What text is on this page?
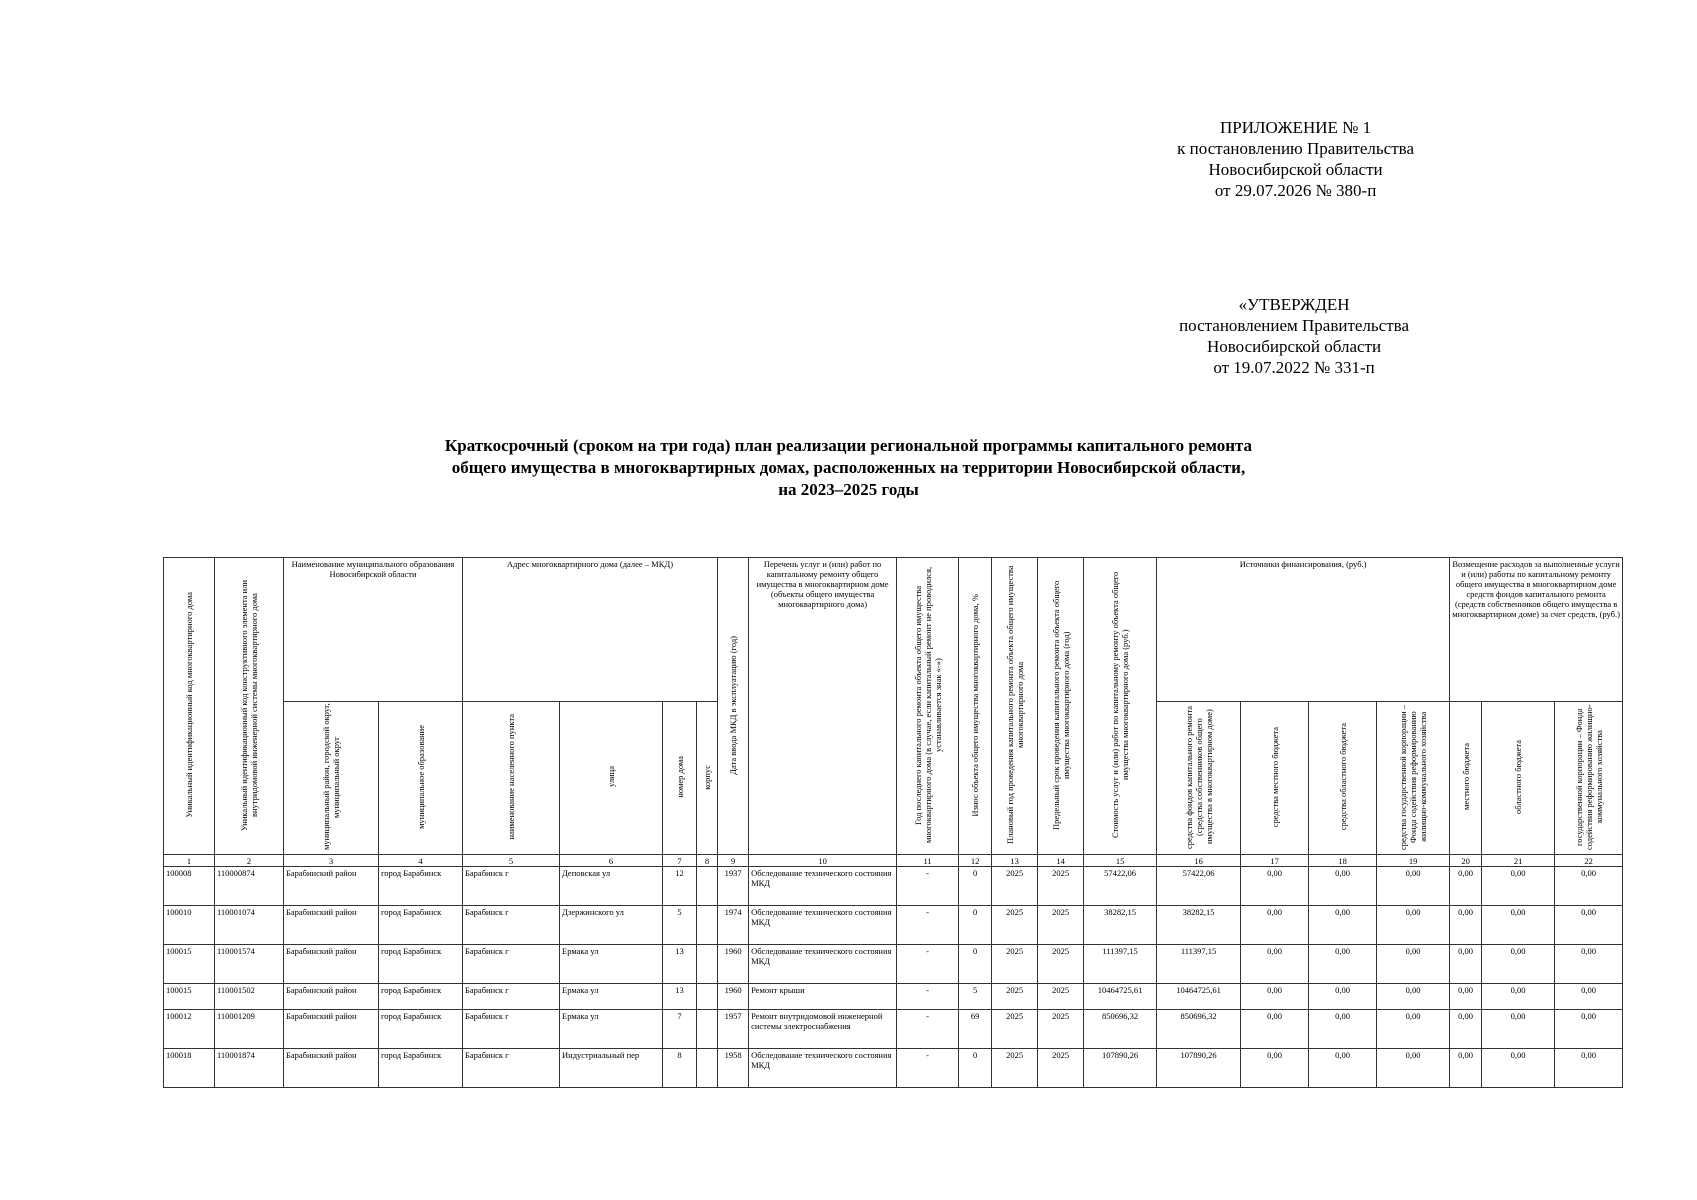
ПРИЛОЖЕНИЕ № 1
к постановлению Правительства
Новосибирской области
от 29.07.2026 № 380-п
«УТВЕРЖДЕН
постановлением Правительства
Новосибирской области
от 19.07.2022 № 331-п
Краткосрочный (сроком на три года) план реализации региональной программы капитального ремонта
общего имущества в многоквартирных домах, расположенных на территории Новосибирской области,
на 2023–2025 годы
Уникальный идентификационный код многоквартирного дома	Уникальный идентификационный код конструктивного элемента или внутридомовой инженерной системы многоквартирного дома	Наименование муниципального образования Новосибирской области		Адрес многоквартирного дома (далее – МКД)				Дата ввода МКД в эксплуатацию (год)	Перечень услуг и (или) работ по капитальному ремонту общего имущества в многоквартирном доме (объекты общего имущества многоквартирного дома)	Год последнего капитального ремонта объекта общего имущества многоквартирного дома (в случае, если капитальный ремонт не проводился, устанавливается знак «-»)	Износ объекта общего имущества многоквартирного дома, %	Плановый год проведения капитального ремонта объекта общего имущества многоквартирного дома	Предельный срок проведения капитального ремонта объекта общего имущества многоквартирного дома (год)	Стоимость услуг и (или) работ по капитальному ремонту объекта общего имущества многоквартирного дома (руб.)	Источники финансирования, (руб.)				Возмещение расходов за выполненные услуги и (или) работы по капитальному ремонту общего имущества в многоквартирном доме средств фондов капитального ремонта (средств собственников общего имущества в многоквартирном доме) за счет средств, (руб.)		
		муниципальный район, городской округ, муниципальный округ	муниципальное образование	наименование населенного пункта	улица	номер дома	корпус								средства фондов капитального ремонта (средства собственников общего имущества в многоквартирном доме)	средства местного бюджета	средства областного бюджета	средства государственной корпорации – Фонда содействия реформированию жилищно-коммунального хозяйства	местного бюджета	областного бюджета	государственной корпорации – Фонда содействия реформированию жилищно-коммунального хозяйства
1	2	3	4	5	6	7	8	9	10	11	12	13	14	15	16	17	18	19	20	21	22
100008	110000874	Барабинский район	город Барабинск	Барабинск г	Деповская ул	12		1937	Обследование технического состояния МКД	-	0	2025	2025	57422,06	57422,06	0,00	0,00	0,00	0,00	0,00	0,00
100010	110001074	Барабинский район	город Барабинск	Барабинск г	Дзержинского ул	5		1974	Обследование технического состояния МКД	-	0	2025	2025	38282,15	38282,15	0,00	0,00	0,00	0,00	0,00	0,00
100015	110001574	Барабинский район	город Барабинск	Барабинск г	Ермака ул	13		1960	Обследование технического состояния МКД	-	0	2025	2025	111397,15	111397,15	0,00	0,00	0,00	0,00	0,00	0,00
100015	110001502	Барабинский район	город Барабинск	Барабинск г	Ермака ул	13		1960	Ремонт крыши	-	5	2025	2025	10464725,61	10464725,61	0,00	0,00	0,00	0,00	0,00	0,00
100012	110001209	Барабинский район	город Барабинск	Барабинск г	Ермака ул	7		1957	Ремонт внутридомовой инженерной системы электроснабжения	-	69	2025	2025	850696,32	850696,32	0,00	0,00	0,00	0,00	0,00	0,00
100018	110001874	Барабинский район	город Барабинск	Барабинск г	Индустриальный пер	8		1958	Обследование технического состояния МКД	-	0	2025	2025	107890,26	107890,26	0,00	0,00	0,00	0,00	0,00	0,00
